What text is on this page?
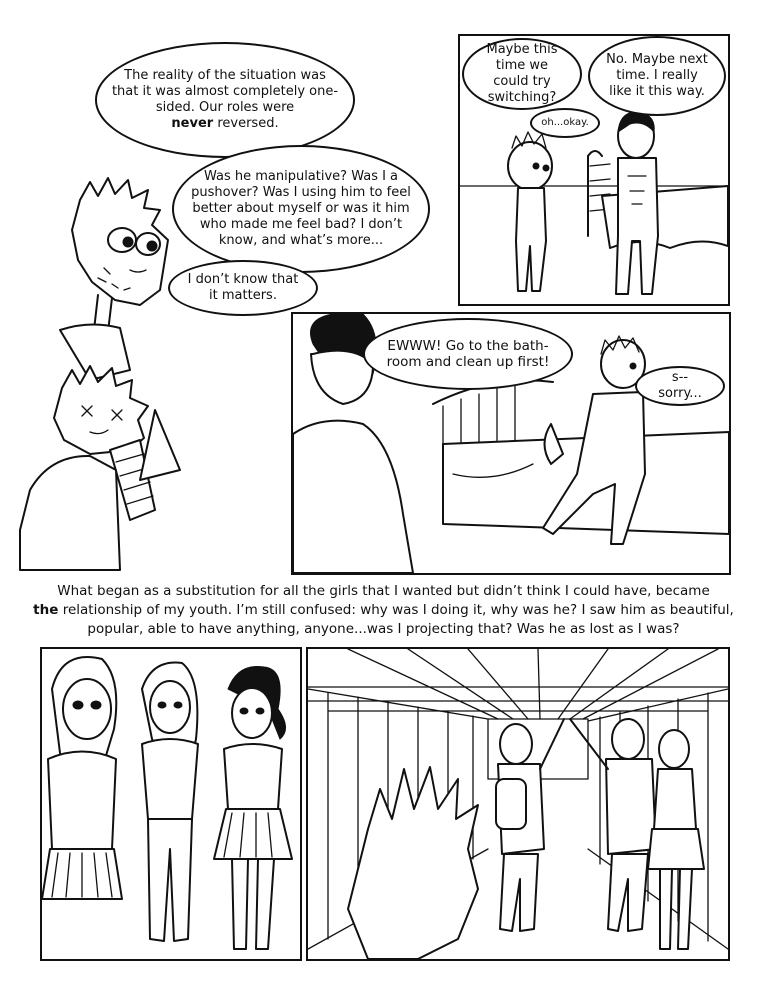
The reality of the situation was that it was almost completely one-sided. Our roles were
never reversed.
Was he manipulative? Was I a pushover? Was I using him to feel better about myself or was it him who made me feel bad? I don’t know, and what’s more...
I don’t know that it matters.
Maybe this time we could try switching?
No. Maybe next time. I really like it this way.
oh...okay.
EWWW! Go to the bath-room and clean up first!
s--sorry...
What began as a substitution for all the girls that I wanted but didn’t think I could have, became
the relationship of my youth. I’m still confused: why was I doing it, why was he? I saw him as beautiful, popular, able to have anything, anyone...was I projecting that? Was he as lost as I was?
